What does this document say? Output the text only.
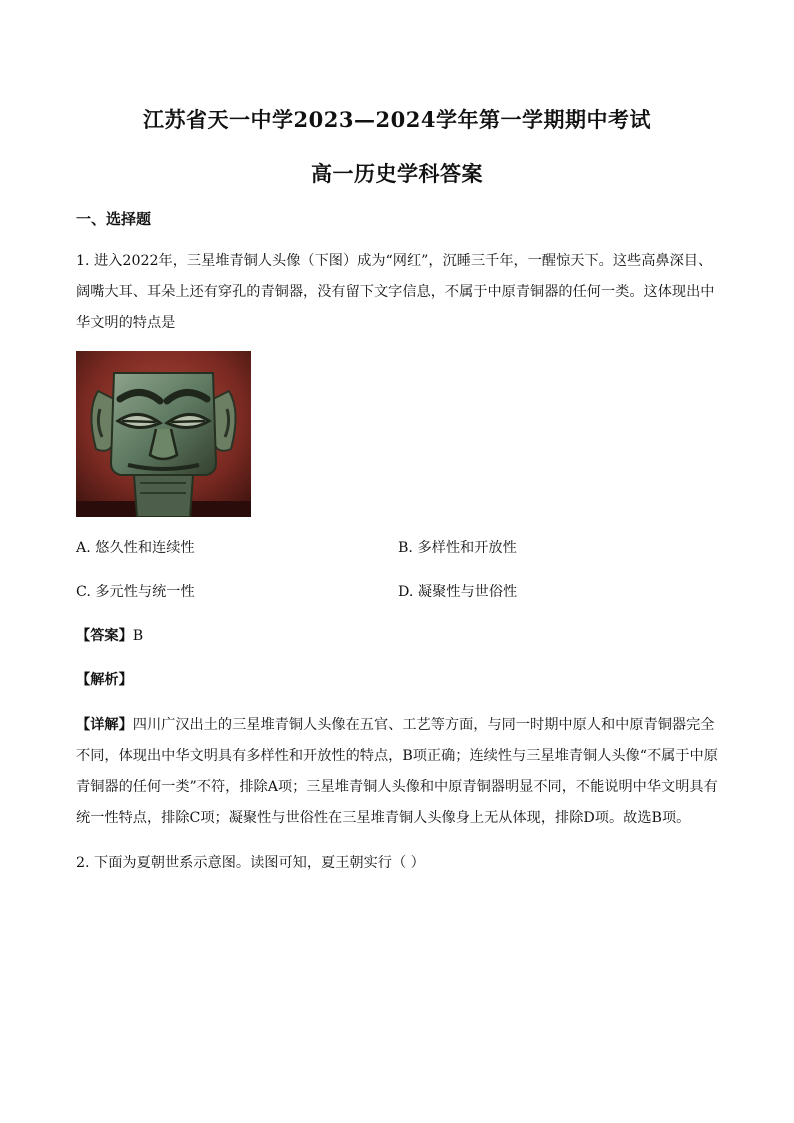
江苏省天一中学2023—2024学年第一学期期中考试
高一历史学科答案
一、选择题
1. 进入2022年，三星堆青铜人头像（下图）成为“网红”，沉睡三千年，一醒惊天下。这些高鼻深目、阔嘴大耳、耳朵上还有穿孔的青铜器，没有留下文字信息，不属于中原青铜器的任何一类。这体现出中华文明的特点是
A. 悠久性和连续性	B. 多样性和开放性
C. 多元性与统一性	D. 凝聚性与世俗性
【答案】B
【解析】
【详解】四川广汉出土的三星堆青铜人头像在五官、工艺等方面，与同一时期中原人和中原青铜器完全不同，体现出中华文明具有多样性和开放性的特点，B项正确；连续性与三星堆青铜人头像“不属于中原青铜器的任何一类”不符，排除A项；三星堆青铜人头像和中原青铜器明显不同，不能说明中华文明具有统一性特点，排除C项；凝聚性与世俗性在三星堆青铜人头像身上无从体现，排除D项。故选B项。
2. 下面为夏朝世系示意图。读图可知，夏王朝实行（ ）
